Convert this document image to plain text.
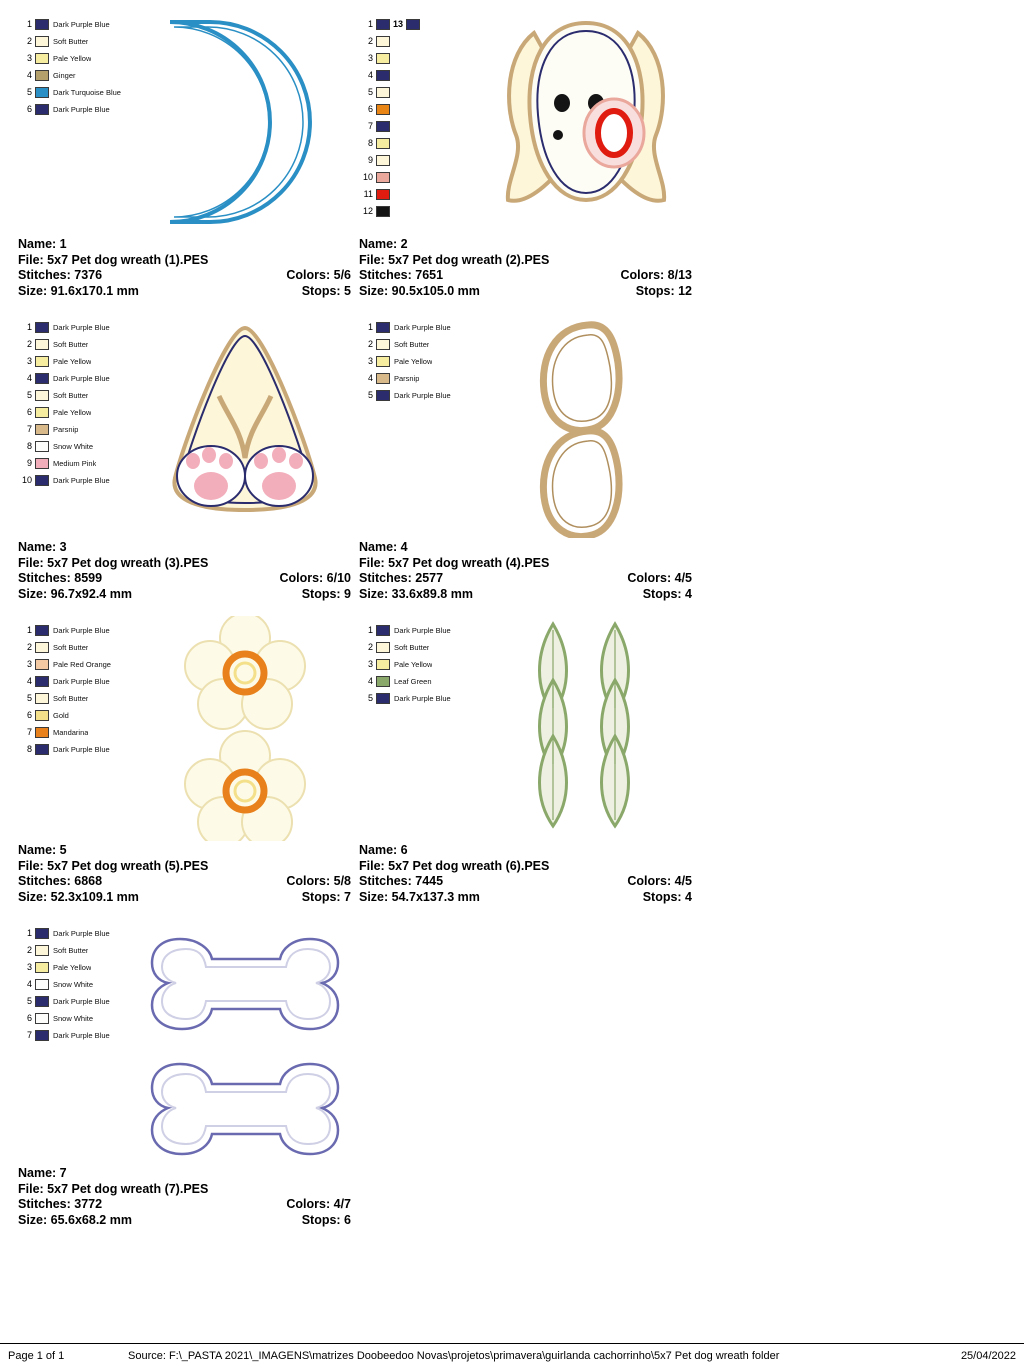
1	Dark Purple Blue
2	Soft Butter
3	Pale Yellow
4	Ginger
5	Dark Turquoise Blue
6	Dark Purple Blue
Name: 1
File: 5x7 Pet dog wreath (1).PES
Stitches: 7376	Colors: 5/6
Size: 91.6x170.1 mm	Stops: 5
1	13
2
3
4
5
6
7
8
9
10
11
12
Name: 2
File: 5x7 Pet dog wreath (2).PES
Stitches: 7651	Colors: 8/13
Size: 90.5x105.0 mm	Stops: 12
1	Dark Purple Blue
2	Soft Butter
3	Pale Yellow
4	Dark Purple Blue
5	Soft Butter
6	Pale Yellow
7	Parsnip
8	Snow White
9	Medium Pink
10	Dark Purple Blue
Name: 3
File: 5x7 Pet dog wreath (3).PES
Stitches: 8599	Colors: 6/10
Size: 96.7x92.4 mm	Stops: 9
1	Dark Purple Blue
2	Soft Butter
3	Pale Yellow
4	Parsnip
5	Dark Purple Blue
Name: 4
File: 5x7 Pet dog wreath (4).PES
Stitches: 2577	Colors: 4/5
Size: 33.6x89.8 mm	Stops: 4
1	Dark Purple Blue
2	Soft Butter
3	Pale Red Orange
4	Dark Purple Blue
5	Soft Butter
6	Gold
7	Mandarina
8	Dark Purple Blue
Name: 5
File: 5x7 Pet dog wreath (5).PES
Stitches: 6868	Colors: 5/8
Size: 52.3x109.1 mm	Stops: 7
1	Dark Purple Blue
2	Soft Butter
3	Pale Yellow
4	Leaf Green
5	Dark Purple Blue
Name: 6
File: 5x7 Pet dog wreath (6).PES
Stitches: 7445	Colors: 4/5
Size: 54.7x137.3 mm	Stops: 4
1	Dark Purple Blue
2	Soft Butter
3	Pale Yellow
4	Snow White
5	Dark Purple Blue
6	Snow White
7	Dark Purple Blue
Name: 7
File: 5x7 Pet dog wreath (7).PES
Stitches: 3772	Colors: 4/7
Size: 65.6x68.2 mm	Stops: 6
Page 1 of 1	Source: F:\_PASTA 2021\_IMAGENS\matrizes Doobeedoo Novas\projetos\primavera\guirlanda cachorrinho\5x7 Pet dog wreath folder	25/04/2022
